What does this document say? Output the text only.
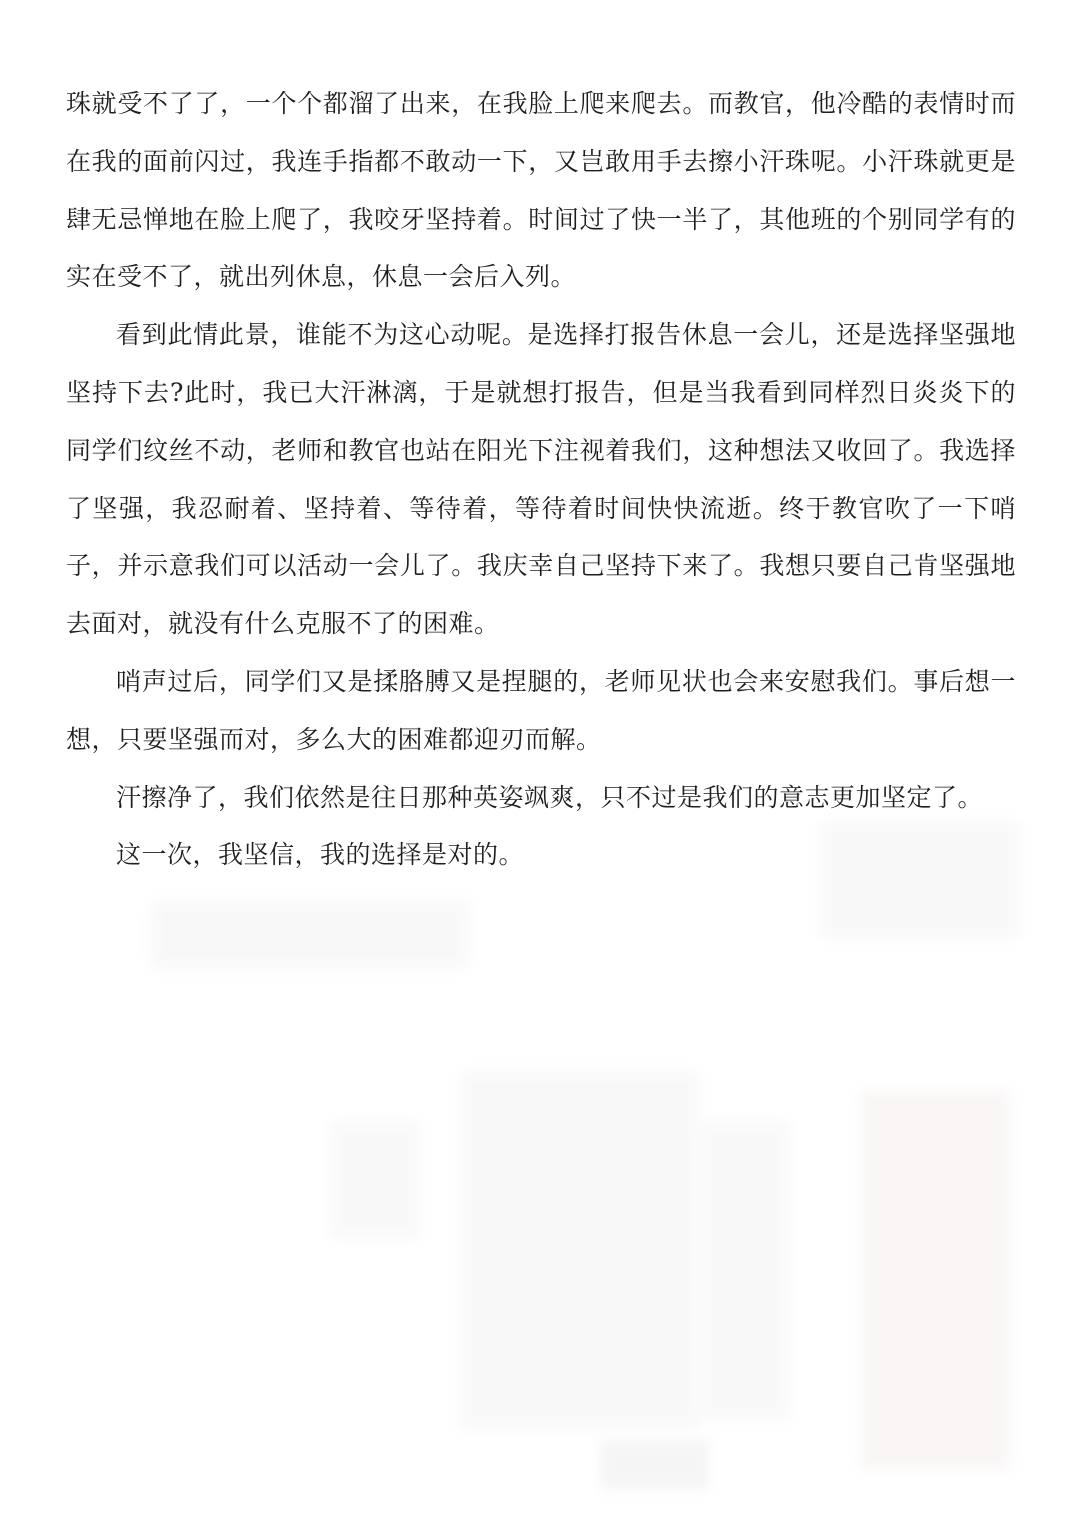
珠就受不了了，一个个都溜了出来，在我脸上爬来爬去。而教官，他冷酷的表情时而在我的面前闪过，我连手指都不敢动一下，又岂敢用手去擦小汗珠呢。小汗珠就更是肆无忌惮地在脸上爬了，我咬牙坚持着。时间过了快一半了，其他班的个别同学有的实在受不了，就出列休息，休息一会后入列。

看到此情此景，谁能不为这心动呢。是选择打报告休息一会儿，还是选择坚强地坚持下去?此时，我已大汗淋漓，于是就想打报告，但是当我看到同样烈日炎炎下的同学们纹丝不动，老师和教官也站在阳光下注视着我们，这种想法又收回了。我选择了坚强，我忍耐着、坚持着、等待着，等待着时间快快流逝。终于教官吹了一下哨子，并示意我们可以活动一会儿了。我庆幸自己坚持下来了。我想只要自己肯坚强地去面对，就没有什么克服不了的困难。

哨声过后，同学们又是揉胳膊又是捏腿的，老师见状也会来安慰我们。事后想一想，只要坚强而对，多么大的困难都迎刃而解。

汗擦净了，我们依然是往日那种英姿飒爽，只不过是我们的意志更加坚定了。

这一次，我坚信，我的选择是对的。
